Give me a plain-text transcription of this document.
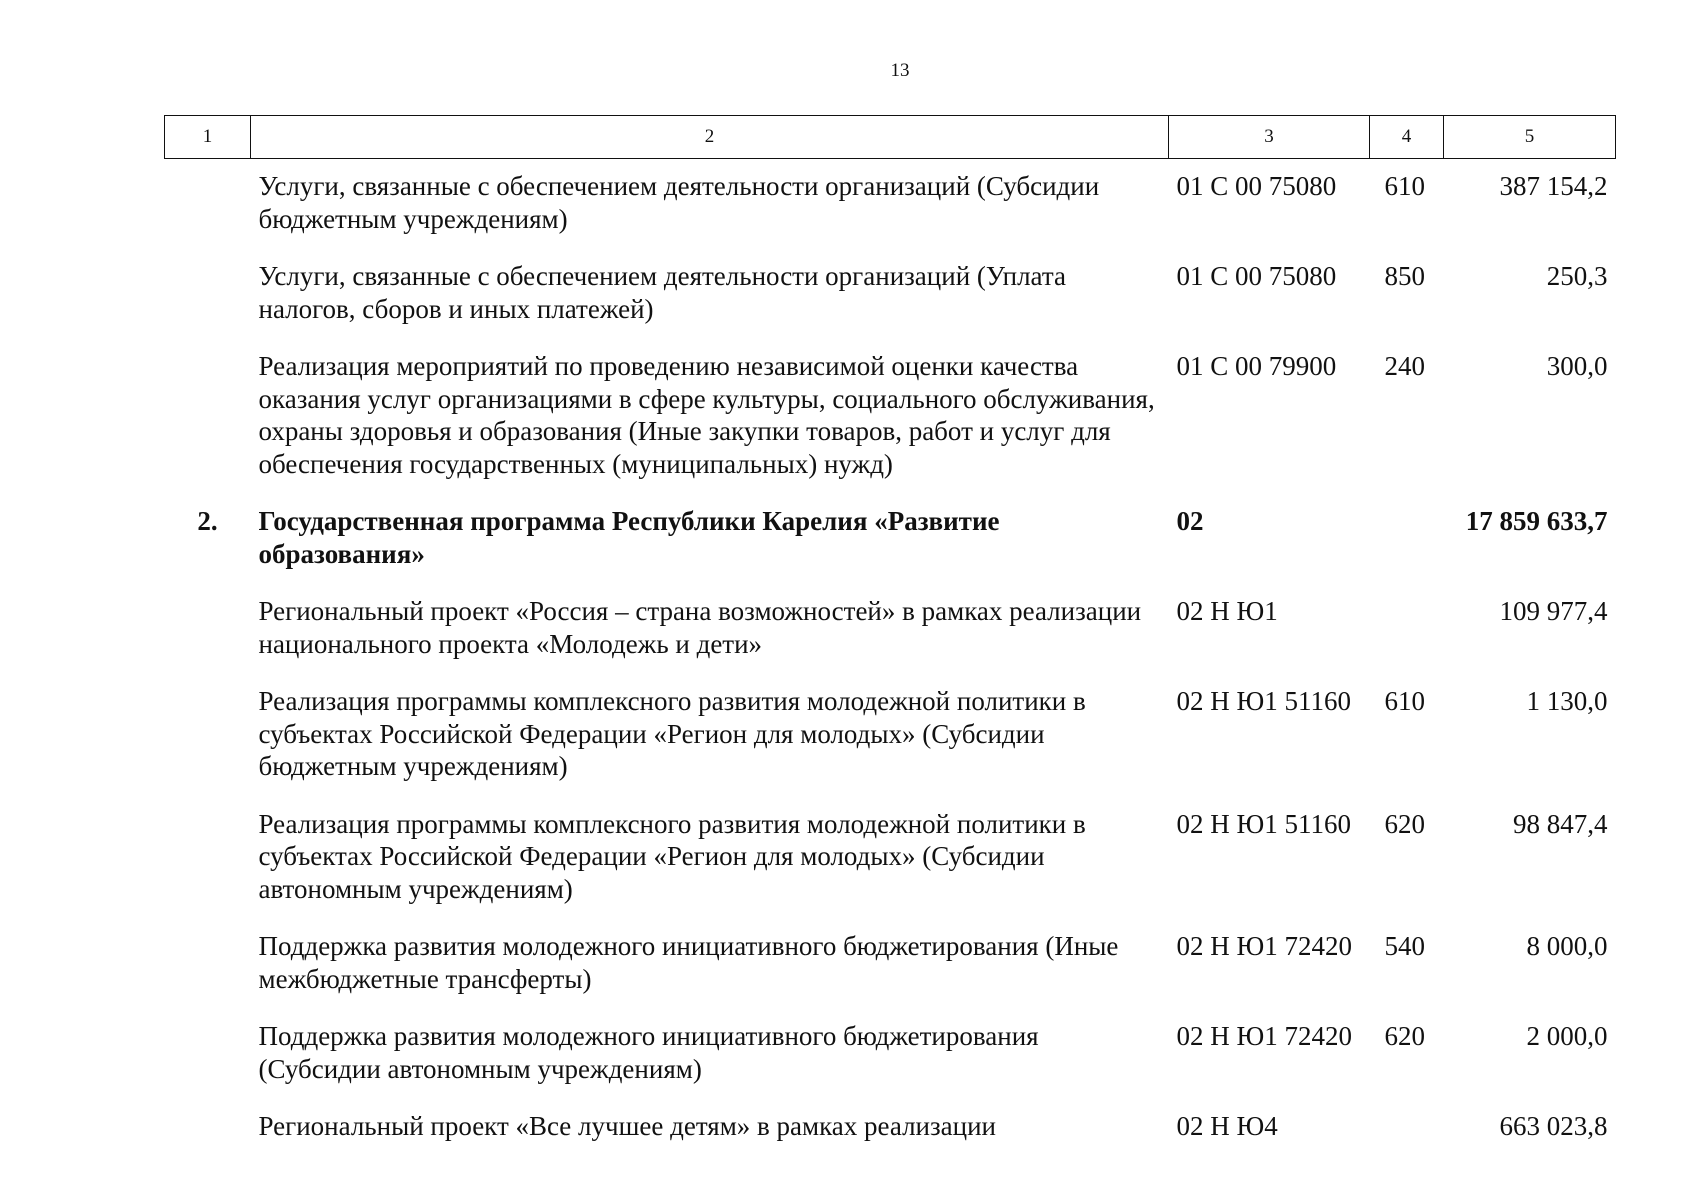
13
1	2	3	4	5
	Услуги, связанные с обеспечением деятельности организаций (Субсидии бюджетным учреждениям)	01 С 00 75080	610	387 154,2
	Услуги, связанные с обеспечением деятельности организаций (Уплата налогов, сборов и иных платежей)	01 С 00 75080	850	250,3
	Реализация мероприятий по проведению независимой оценки качества оказания услуг организациями в сфере культуры, социального обслуживания, охраны здоровья и образования (Иные закупки товаров, работ и услуг для обеспечения государственных (муниципальных) нужд)	01 С 00 79900	240	300,0
2.	Государственная программа Республики Карелия «Развитие образования»	02		17 859 633,7
	Региональный проект «Россия – страна возможностей» в рамках реализации национального проекта «Молодежь и дети»	02 Н Ю1		109 977,4
	Реализация программы комплексного развития молодежной политики в субъектах Российской Федерации «Регион для молодых» (Субсидии бюджетным учреждениям)	02 Н Ю1 51160	610	1 130,0
	Реализация программы комплексного развития молодежной политики в субъектах Российской Федерации «Регион для молодых» (Субсидии автономным учреждениям)	02 Н Ю1 51160	620	98 847,4
	Поддержка развития молодежного инициативного бюджетирования (Иные межбюджетные трансферты)	02 Н Ю1 72420	540	8 000,0
	Поддержка развития молодежного инициативного бюджетирования (Субсидии автономным учреждениям)	02 Н Ю1 72420	620	2 000,0
	Региональный проект «Все лучшее детям» в рамках реализации	02 Н Ю4		663 023,8
